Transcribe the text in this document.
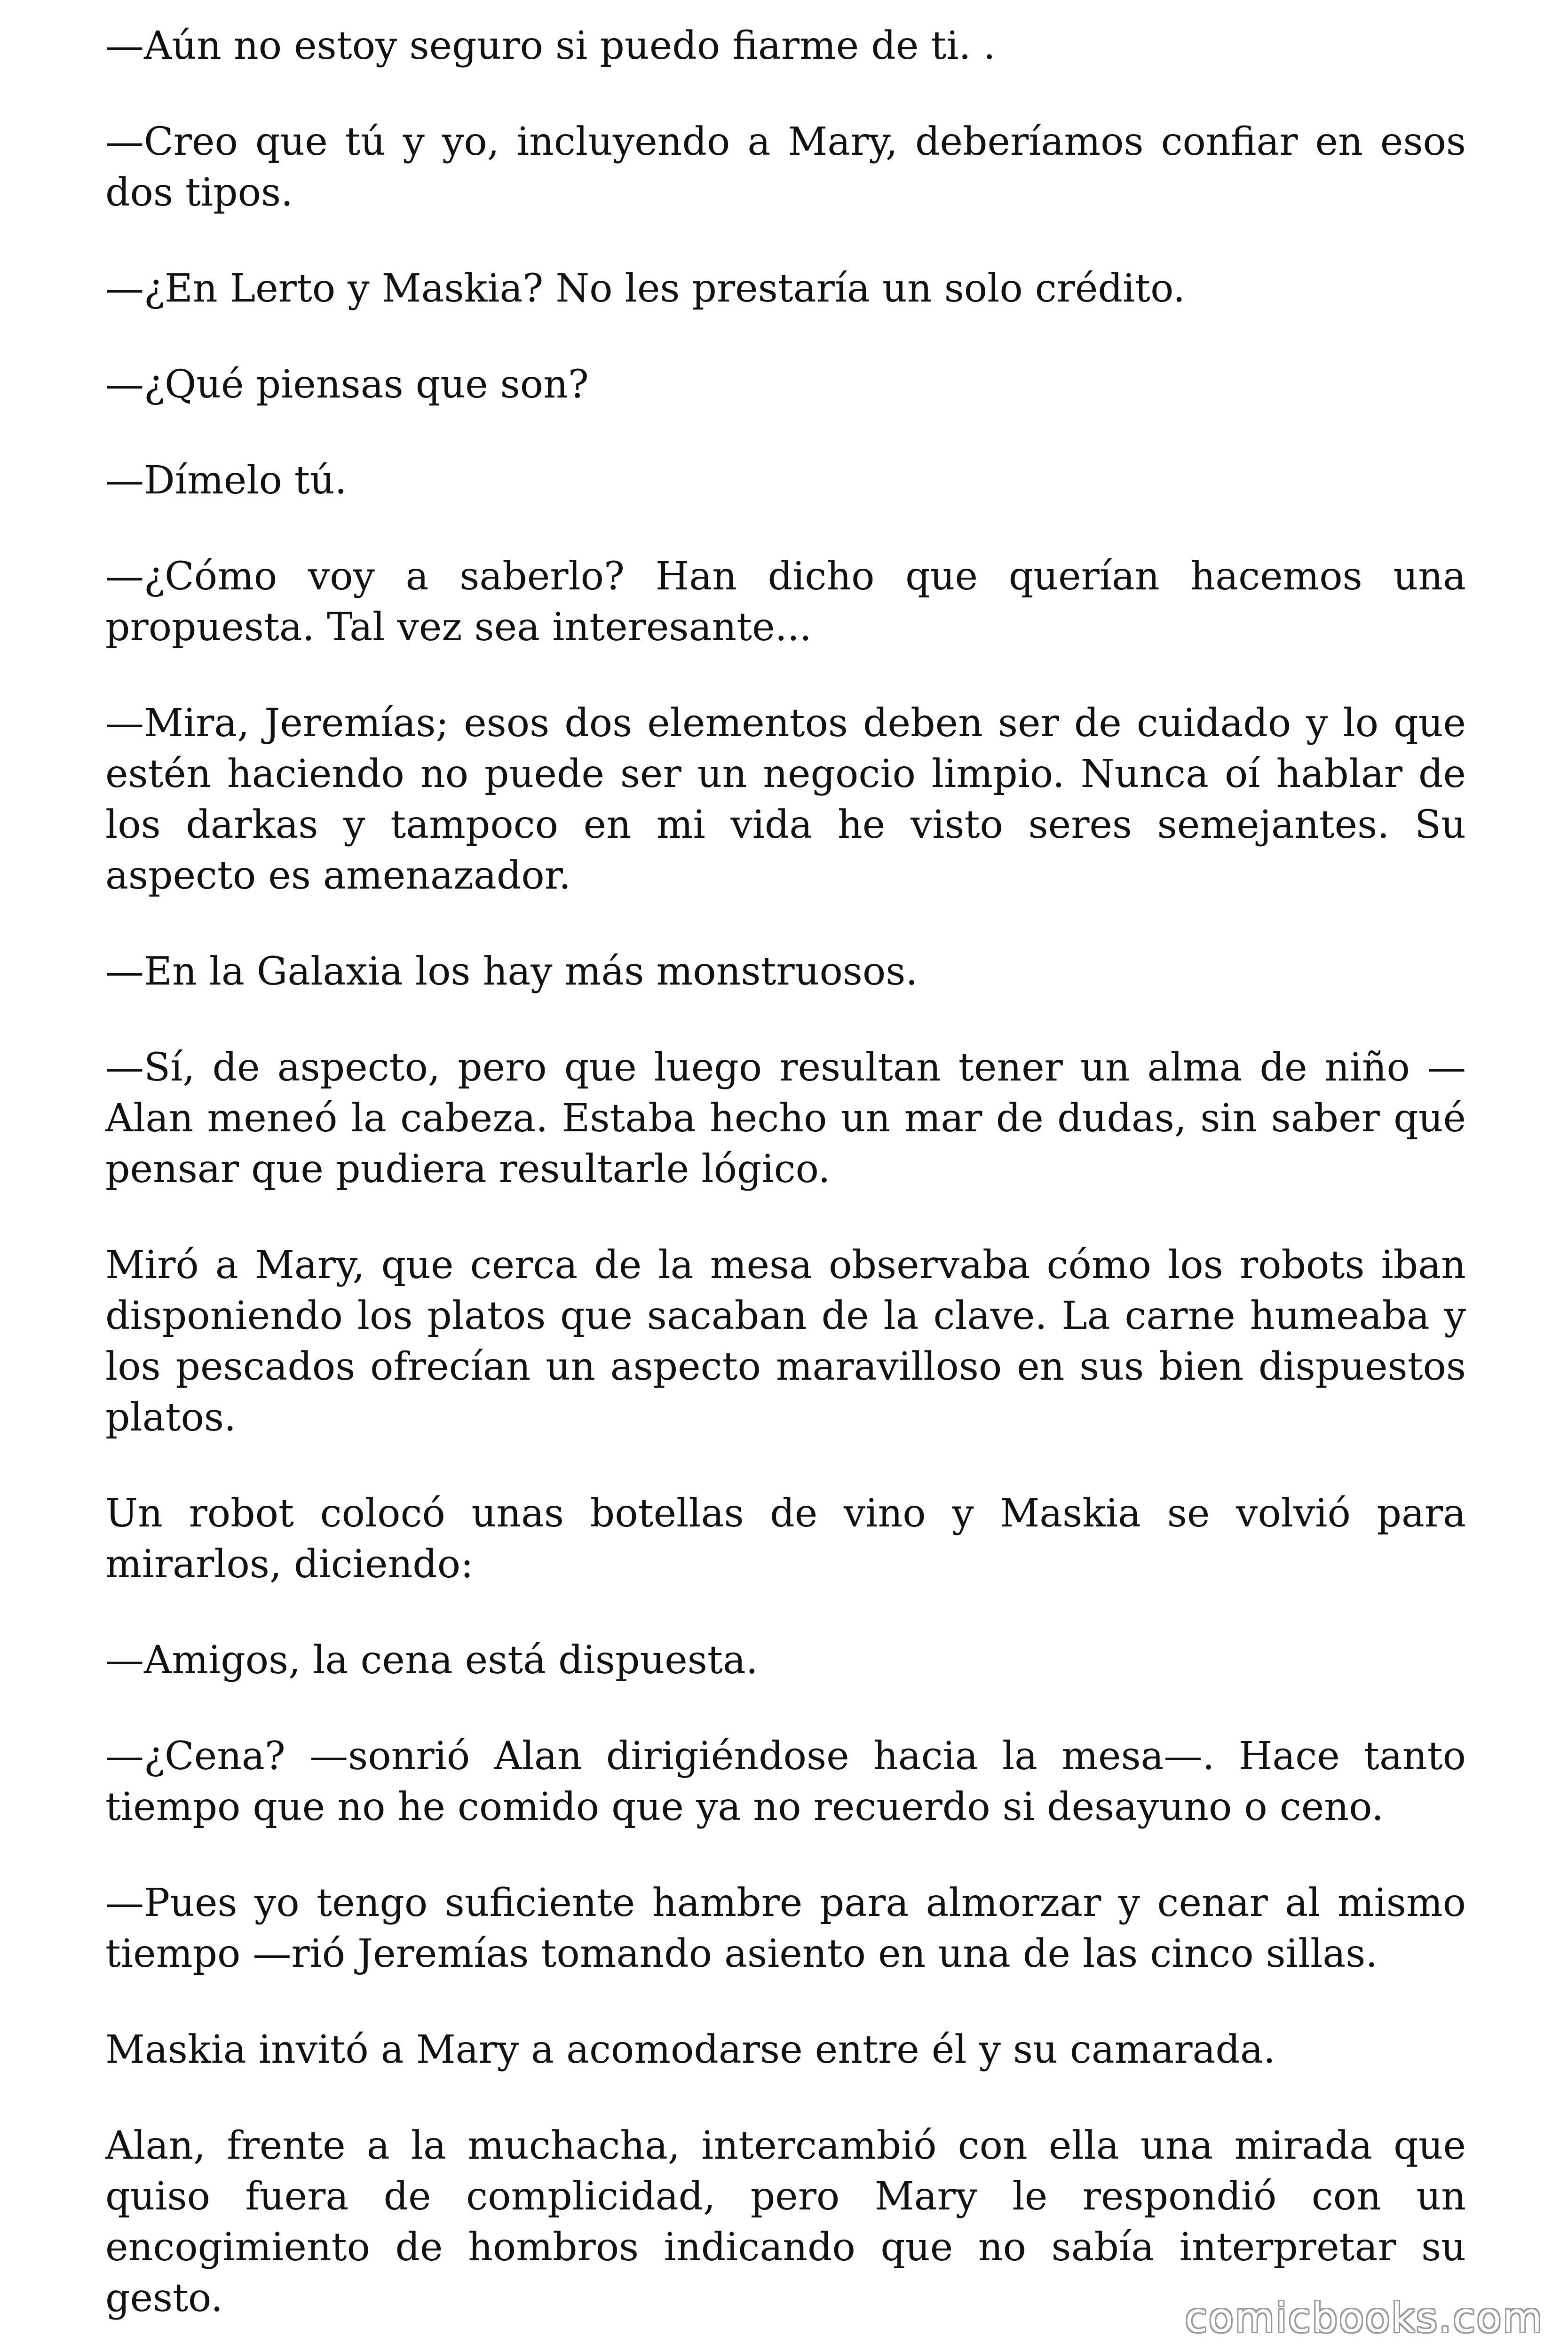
—Aún no estoy seguro si puedo fiarme de ti. .

—Creo que tú y yo, incluyendo a Mary, deberíamos confiar en esos dos tipos.

—¿En Lerto y Maskia? No les prestaría un solo crédito.

—¿Qué piensas que son?

—Dímelo tú.

—¿Cómo voy a saberlo? Han dicho que querían hacemos una propuesta. Tal vez sea interesante...

—Mira, Jeremías; esos dos elementos deben ser de cuidado y lo que estén haciendo no puede ser un negocio limpio. Nunca oí hablar de los darkas y tampoco en mi vida he visto seres semejantes. Su aspecto es amenazador.

—En la Galaxia los hay más monstruosos.

—Sí, de aspecto, pero que luego resultan tener un alma de niño — Alan meneó la cabeza. Estaba hecho un mar de dudas, sin saber qué pensar que pudiera resultarle lógico.

Miró a Mary, que cerca de la mesa observaba cómo los robots iban disponiendo los platos que sacaban de la clave. La carne humeaba y los pescados ofrecían un aspecto maravilloso en sus bien dispuestos platos.

Un robot colocó unas botellas de vino y Maskia se volvió para mirarlos, diciendo:

—Amigos, la cena está dispuesta.

—¿Cena? —sonrió Alan dirigiéndose hacia la mesa—. Hace tanto tiempo que no he comido que ya no recuerdo si desayuno o ceno.

—Pues yo tengo suficiente hambre para almorzar y cenar al mismo tiempo —rió Jeremías tomando asiento en una de las cinco sillas.

Maskia invitó a Mary a acomodarse entre él y su camarada.

Alan, frente a la muchacha, intercambió con ella una mirada que quiso fuera de complicidad, pero Mary le respondió con un encogimiento de hombros indicando que no sabía interpretar su gesto.	comicbooks.com
